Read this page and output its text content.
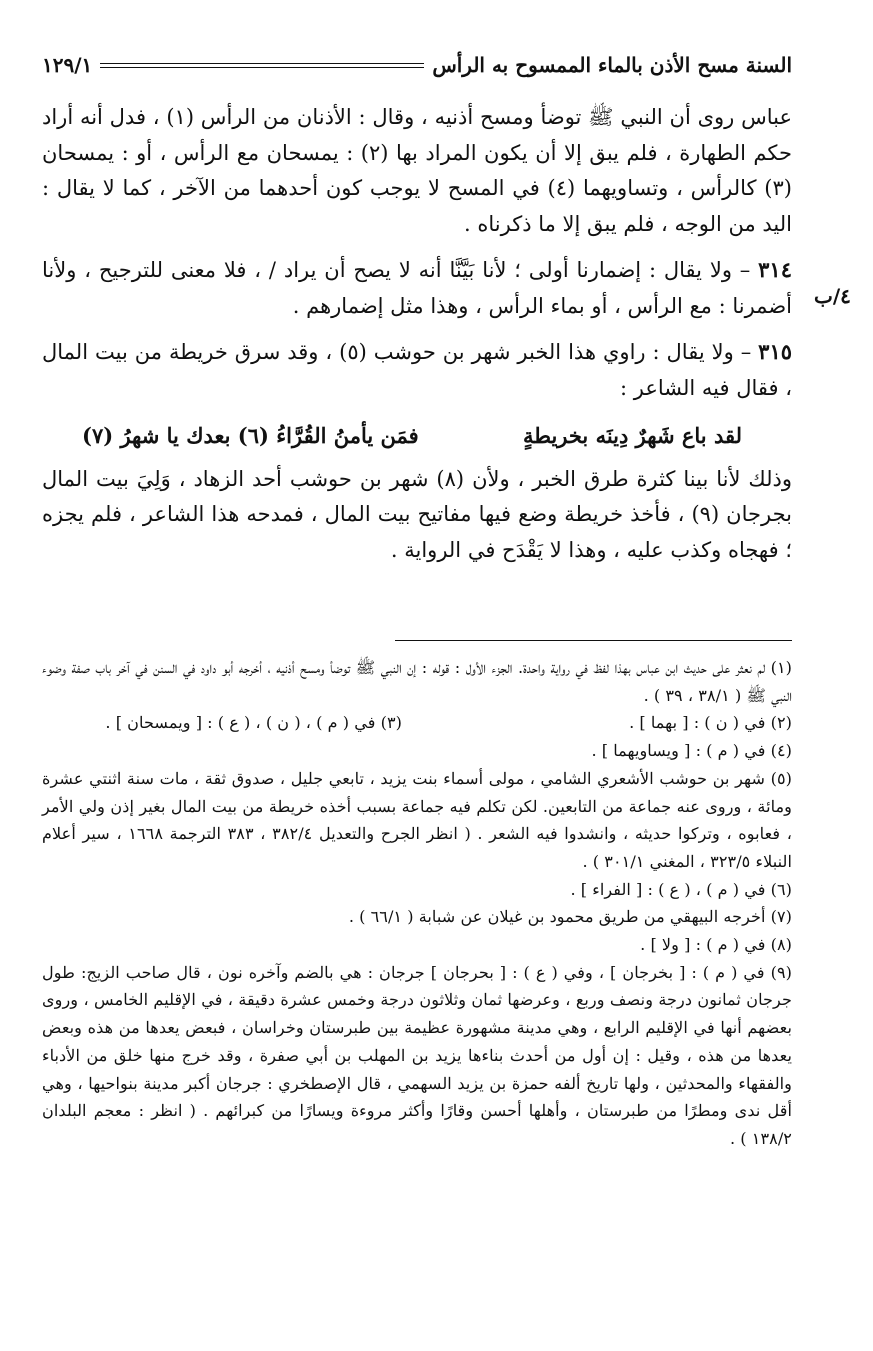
السنة مسح الأذن بالماء الممسوح به الرأس
١٢٩/١
٤/ب

عباس روى أن النبي ﷺ توضأ ومسح أذنيه ، وقال : الأذنان من الرأس (١) ، فدل أنه أراد حكم الطهارة ، فلم يبق إلا أن يكون المراد بها (٢) : يمسحان مع الرأس ، أو : يمسحان (٣) كالرأس ، وتساويهما (٤) في المسح لا يوجب كون أحدهما من الآخر ، كما لا يقال : اليد من الوجه ، فلم يبق إلا ما ذكرناه .

٣١٤ – ولا يقال : إضمارنا أولى ؛ لأنا بَيَّنَّا أنه لا يصح أن يراد / ، فلا معنى للترجيح ، ولأنا أضمرنا : مع الرأس ، أو بماء الرأس ، وهذا مثل إضمارهم .

٣١٥ – ولا يقال : راوي هذا الخبر شهر بن حوشب (٥) ، وقد سرق خريطة من بيت المال ، فقال فيه الشاعر :

لقد باع شَهرٌ دِينَه بخريطةٍ
فمَن يأمنُ القُرَّاءُ (٦) بعدك يا شهرُ (٧)

وذلك لأنا بينا كثرة طرق الخبر ، ولأن (٨) شهر بن حوشب أحد الزهاد ، وَلِيَ بيت المال بجرجان (٩) ، فأخذ خريطة وضع فيها مفاتيح بيت المال ، فمدحه هذا الشاعر ، فلم يجزه ؛ فهجاه وكذب عليه ، وهذا لا يَقْدَح في الرواية .

(١) لم نعثر على حديث ابن عباس بهذا لفظ في رواية واحدة. الجزء الأول : قوله : إن النبي ﷺ توضأ ومسح أذنيه ، أخرجه أبو داود في السنن في آخر باب صفة وضوء النبي ﷺ ( ٣٨/١ ، ٣٩ ) .

(٢) في ( ن ) : [ بهما ] .
(٣) في ( م ) ، ( ن ) ، ( ع ) : [ ويمسحان ] .

(٤) في ( م ) : [ ويساويهما ] .

(٥) شهر بن حوشب الأشعري الشامي ، مولى أسماء بنت يزيد ، تابعي جليل ، صدوق ثقة ، مات سنة اثنتي عشرة ومائة ، وروى عنه جماعة من التابعين. لكن تكلم فيه جماعة بسبب أخذه خريطة من بيت المال بغير إذن ولي الأمر ، فعابوه ، وتركوا حديثه ، وانشدوا فيه الشعر . ( انظر الجرح والتعديل ٣٨٢/٤ ، ٣٨٣ الترجمة ١٦٦٨ ، سير أعلام النبلاء ٣٢٣/٥ ، المغني ٣٠١/١ ) .

(٦) في ( م ) ، ( ع ) : [ الفراء ] .

(٧) أخرجه البيهقي من طريق محمود بن غيلان عن شبابة ( ٦٦/١ ) .

(٨) في ( م ) : [ ولا ] .

(٩) في ( م ) : [ بخرجان ] ، وفي ( ع ) : [ بحرجان ] جرجان : هي بالضم وآخره نون ، قال صاحب الزيج: طول جرجان ثمانون درجة ونصف وربع ، وعرضها ثمان وثلاثون درجة وخمس عشرة دقيقة ، في الإقليم الخامس ، وروى بعضهم أنها في الإقليم الرابع ، وهي مدينة مشهورة عظيمة بين طبرستان وخراسان ، فبعض يعدها من هذه وبعض يعدها من هذه ، وقيل : إن أول من أحدث بناءها يزيد بن المهلب بن أبي صفرة ، وقد خرج منها خلق من الأدباء والفقهاء والمحدثين ، ولها تاريخ ألفه حمزة بن يزيد السهمي ، قال الإصطخري : جرجان أكبر مدينة بنواحيها ، وهي أقل ندى ومطرًا من طبرستان ، وأهلها أحسن وقارًا وأكثر مروءة ويسارًا من كبرائهم . ( انظر : معجم البلدان ١٣٨/٢ ) .
